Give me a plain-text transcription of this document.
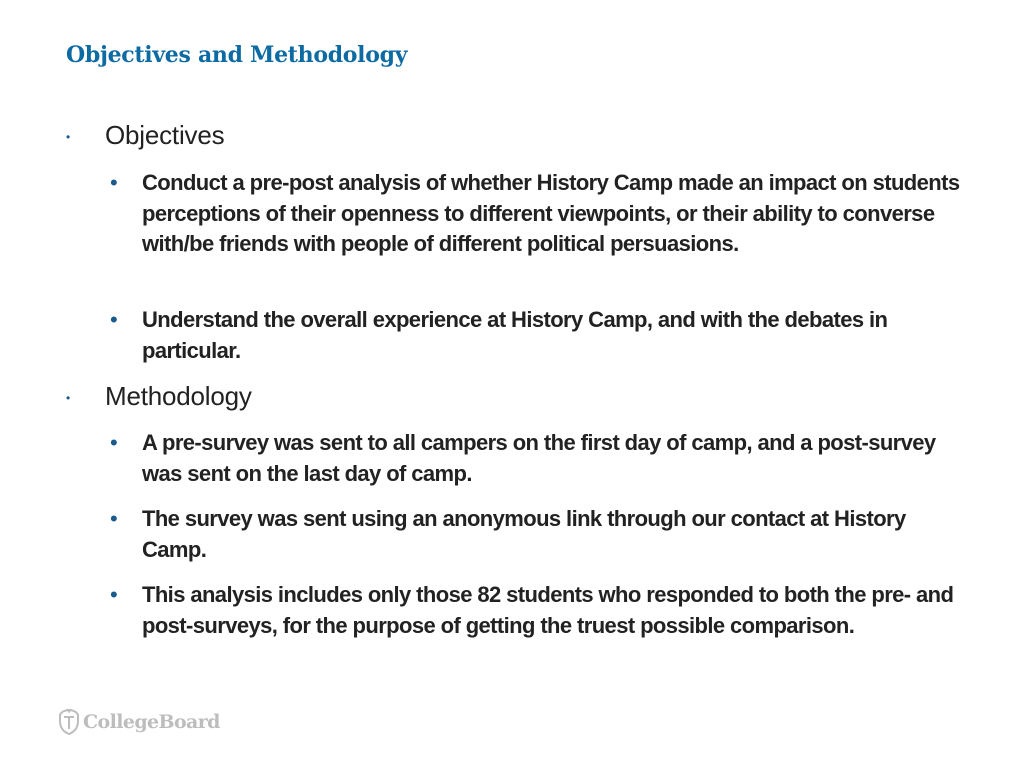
Objectives and Methodology
• Objectives
• Conduct a pre-post analysis of whether History Camp made an impact on students perceptions of their openness to different viewpoints, or their ability to converse with/be friends with people of different political persuasions.
• Understand the overall experience at History Camp, and with the debates in particular.
• Methodology
• A pre-survey was sent to all campers on the first day of camp, and a post-survey was sent on the last day of camp.
• The survey was sent using an anonymous link through our contact at History Camp.
• This analysis includes only those 82 students who responded to both the pre- and post-surveys, for the purpose of getting the truest possible comparison.
CollegeBoard
